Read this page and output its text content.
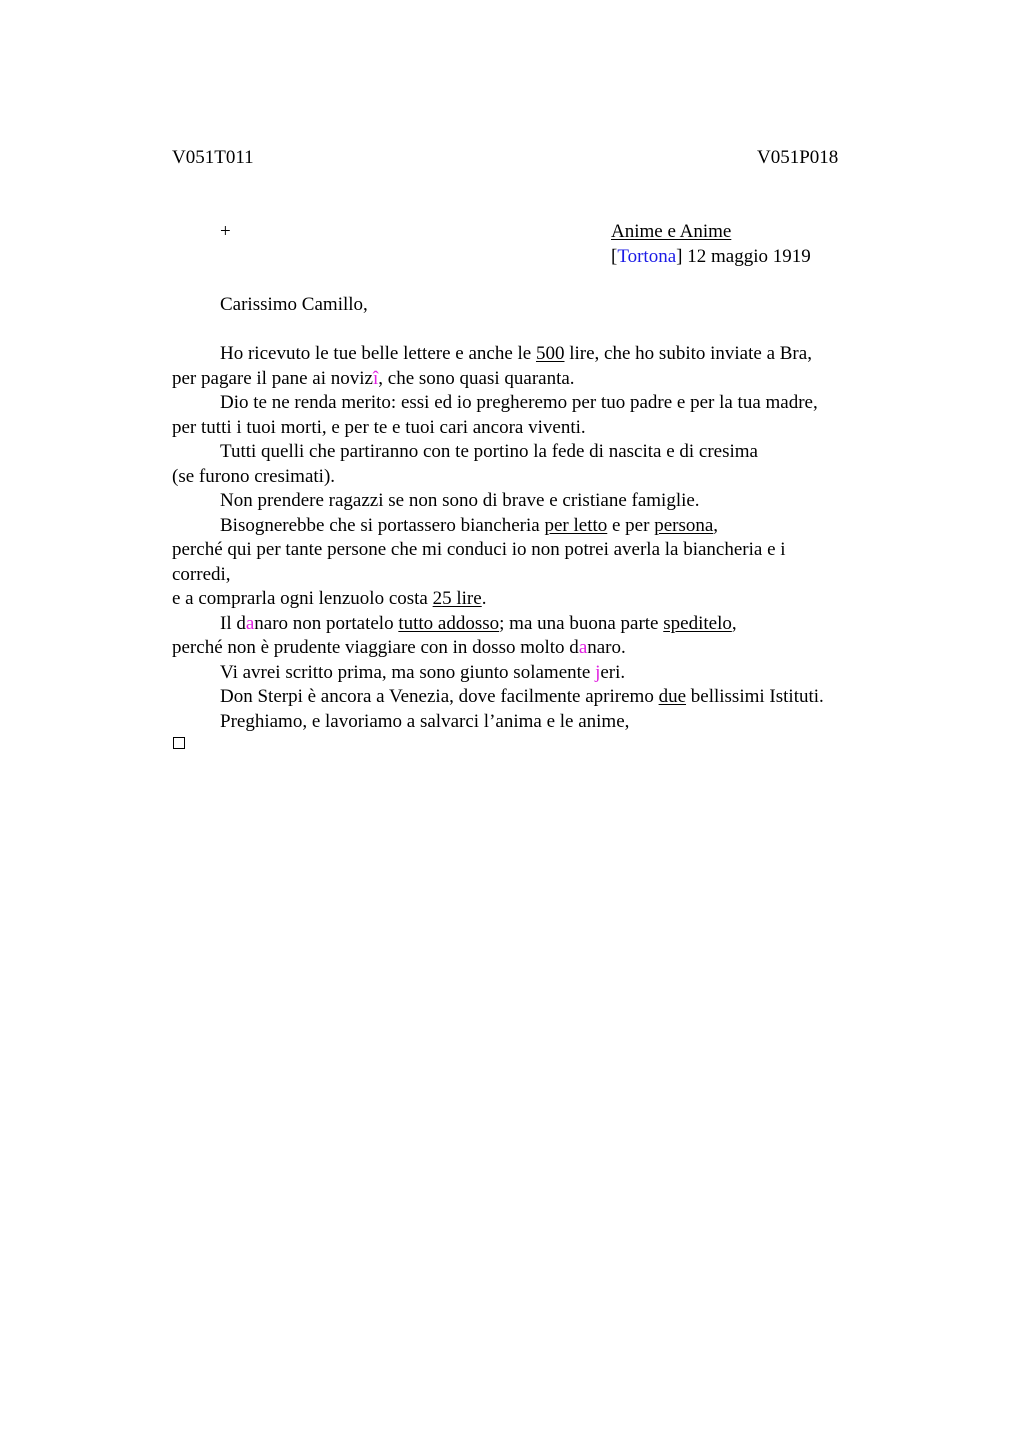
V051T011	V051P018
+	Anime e Anime
[Tortona] 12 maggio 1919
Carissimo Camillo,
Ho ricevuto le tue belle lettere e anche le 500 lire, che ho subito inviate a Bra,
per pagare il pane ai novizî, che sono quasi quaranta.
Dio te ne renda merito: essi ed io pregheremo per tuo padre e per la tua madre,
per tutti i tuoi morti, e per te e tuoi cari ancora viventi.
Tutti quelli che partiranno con te portino la fede di nascita e di cresima
(se furono cresimati).
Non prendere ragazzi se non sono di brave e cristiane famiglie.
Bisognerebbe che si portassero biancheria per letto e per persona,
perché qui per tante persone che mi conduci io non potrei averla la biancheria e i
corredi,
e a comprarla ogni lenzuolo costa 25 lire.
Il danaro non portatelo tutto addosso; ma una buona parte speditelo,
perché non è prudente viaggiare con in dosso molto danaro.
Vi avrei scritto prima, ma sono giunto solamente jeri.
Don Sterpi è ancora a Venezia, dove facilmente apriremo due bellissimi Istituti.
Preghiamo, e lavoriamo a salvarci l’anima e le anime,
